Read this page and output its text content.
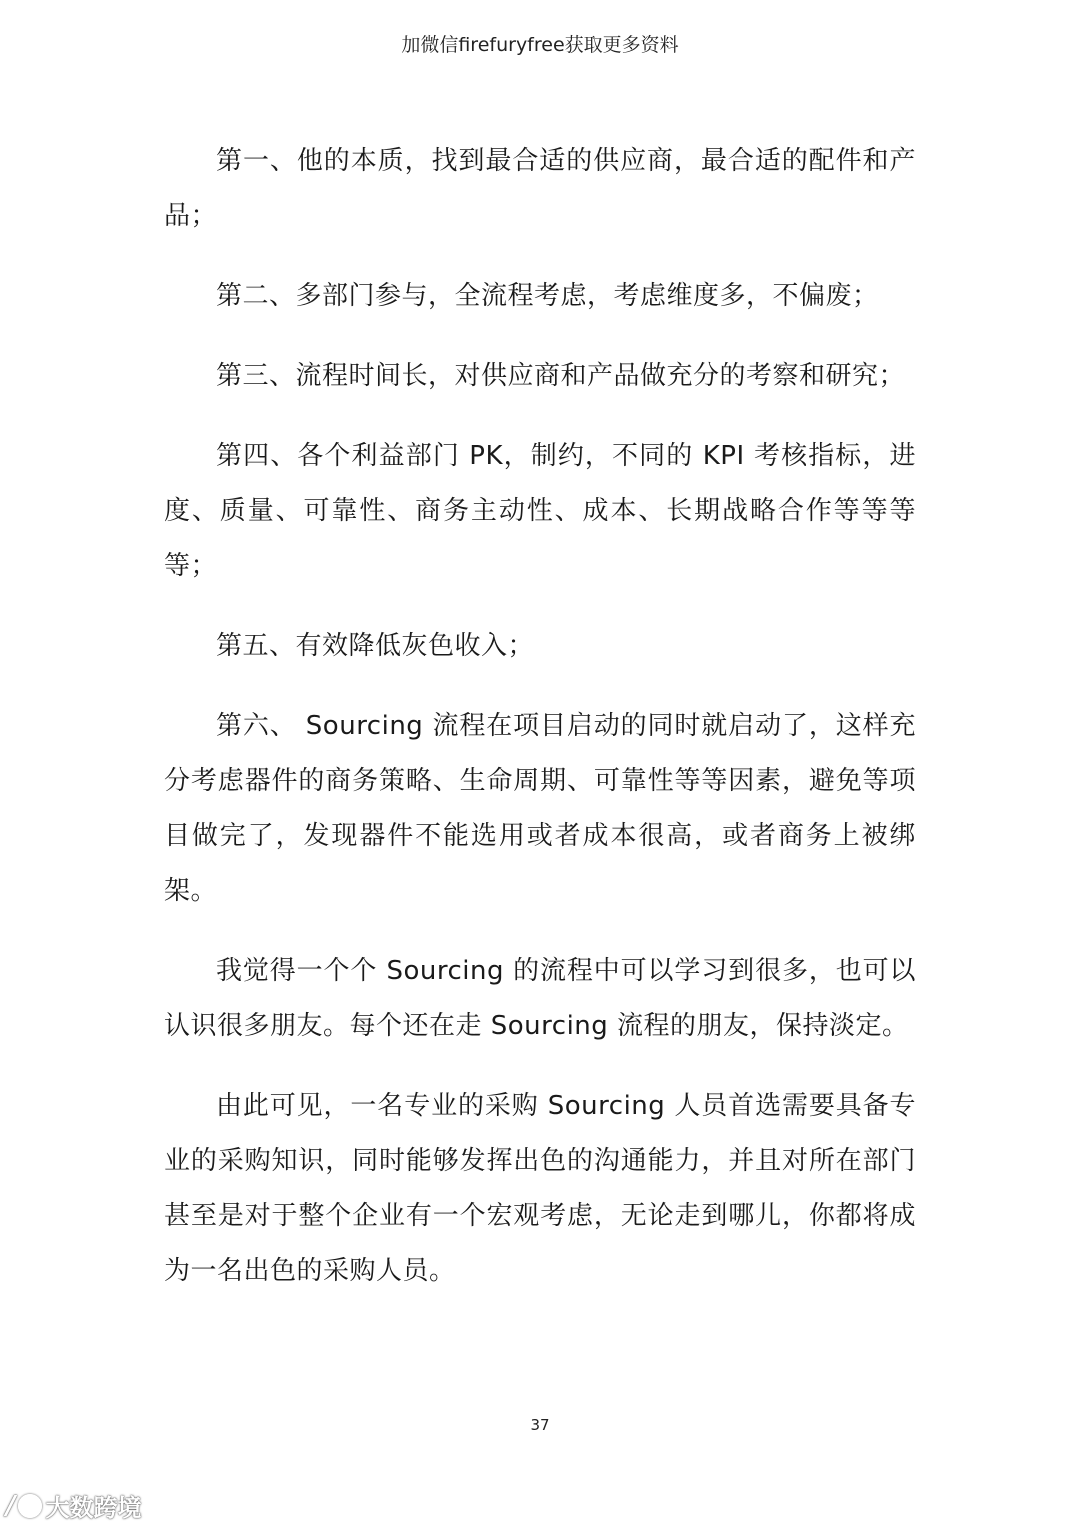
加微信firefuryfree获取更多资料

第一、他的本质，找到最合适的供应商，最合适的配件和产品；

第二、多部门参与，全流程考虑，考虑维度多，不偏废；

第三、流程时间长，对供应商和产品做充分的考察和研究；

第四、各个利益部门 PK，制约，不同的 KPI 考核指标，进度、质量、可靠性、商务主动性、成本、长期战略合作等等等等；

第五、有效降低灰色收入；

第六、 Sourcing 流程在项目启动的同时就启动了，这样充分考虑器件的商务策略、生命周期、可靠性等等因素，避免等项目做完了，发现器件不能选用或者成本很高，或者商务上被绑架。

我觉得一个个 Sourcing 的流程中可以学习到很多，也可以认识很多朋友。每个还在走 Sourcing 流程的朋友，保持淡定。

由此可见，一名专业的采购 Sourcing 人员首选需要具备专业的采购知识，同时能够发挥出色的沟通能力，并且对所在部门甚至是对于整个企业有一个宏观考虑，无论走到哪儿，你都将成为一名出色的采购人员。

37
/ 大数跨境
